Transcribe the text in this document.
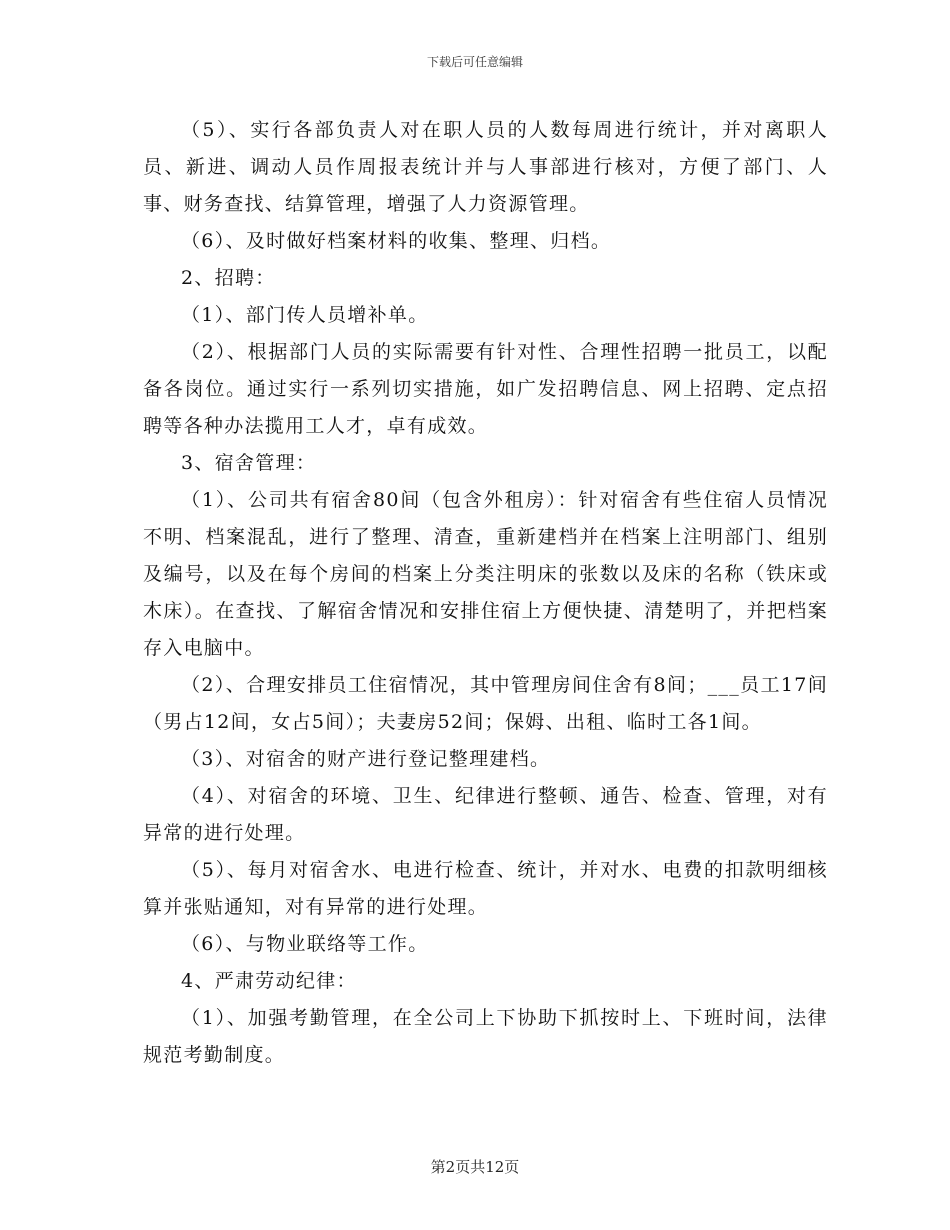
下载后可任意编辑

（5）、实行各部负责人对在职人员的人数每周进行统计，并对离职人员、新进、调动人员作周报表统计并与人事部进行核对，方便了部门、人事、财务查找、结算管理，增强了人力资源管理。

（6）、及时做好档案材料的收集、整理、归档。

2、招聘：

（1）、部门传人员增补单。

（2）、根据部门人员的实际需要有针对性、合理性招聘一批员工，以配备各岗位。通过实行一系列切实措施，如广发招聘信息、网上招聘、定点招聘等各种办法揽用工人才，卓有成效。

3、宿舍管理：

（1）、公司共有宿舍80间（包含外租房）：针对宿舍有些住宿人员情况不明、档案混乱，进行了整理、清查，重新建档并在档案上注明部门、组别及编号，以及在每个房间的档案上分类注明床的张数以及床的名称（铁床或木床）。在查找、了解宿舍情况和安排住宿上方便快捷、清楚明了，并把档案存入电脑中。

（2）、合理安排员工住宿情况，其中管理房间住舍有8间；___员工17间（男占12间，女占5间）；夫妻房52间；保姆、出租、临时工各1间。

（3）、对宿舍的财产进行登记整理建档。

（4）、对宿舍的环境、卫生、纪律进行整顿、通告、检查、管理，对有异常的进行处理。

（5）、每月对宿舍水、电进行检查、统计，并对水、电费的扣款明细核算并张贴通知，对有异常的进行处理。

（6）、与物业联络等工作。

4、严肃劳动纪律：

（1）、加强考勤管理，在全公司上下协助下抓按时上、下班时间，法律规范考勤制度。

第2页共12页
